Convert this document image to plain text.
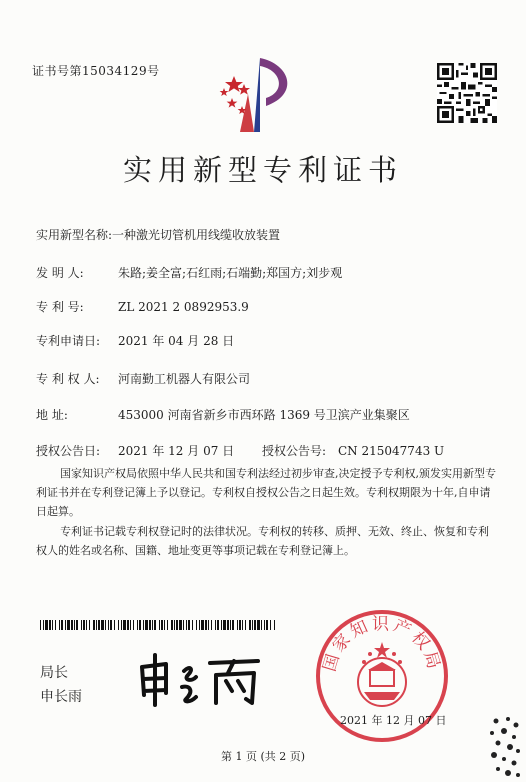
证书号第15034129号
实用新型专利证书
实用新型名称:一种激光切管机用线缆收放装置
发 明 人:	朱路;姜全富;石红雨;石端勤;郑国方;刘步观
专 利 号:	ZL 2021 2 0892953.9
专利申请日: 2021 年 04 月 28 日
专 利 权 人: 河南勤工机器人有限公司
地 址:	453000 河南省新乡市西环路 1369 号卫滨产业集聚区
授权公告日: 2021 年 12 月 07 日 授权公告号: CN 215047743 U
国家知识产权局依照中华人民共和国专利法经过初步审查,决定授予专利权,颁发实用新型专利证书并在专利登记簿上予以登记。专利权自授权公告之日起生效。专利权期限为十年,自申请日起算。
专利证书记载专利权登记时的法律状况。专利权的转移、质押、无效、终止、恢复和专利权人的姓名或名称、国籍、地址变更等事项记载在专利登记簿上。
局长
申长雨
国家知识产权局
2021 年 12 月 07 日
第 1 页 (共 2 页)
